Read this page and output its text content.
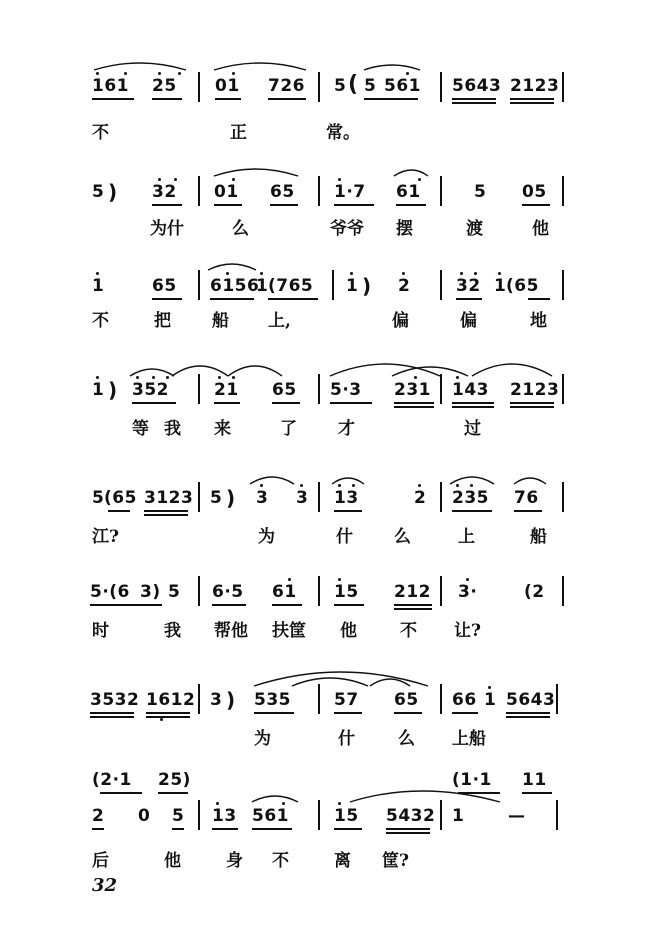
161 25 01 726 5 ( 5 561 5643 2123
不	正	常。
5 ) 32 01 65 1·7 61	5 05
为什	么	爷爷 摆	渡	他
1	65 6156
1 (765 1 ) 2	32 1 (65
不	把 船 上,	偏	偏	地
1 ) 352	21 65 5·3 231 143 2123
等 我 来	了 才	过
5 (65 3123 5 ) 3 3 13	2 235 76
江?	为	什 么	上	船
5·(6 3) 5 6·5 61 15 212 3·	(2
时	我 帮他 扶筐 他	不 让?
3532 1612 3 ) 535	57 65 66 1 5643
为	什	么 上船
(2·1 25)	(1·1 11
2 0 5 13 561	15 5432 1	—
后	他	身 不	离 筐?
32
